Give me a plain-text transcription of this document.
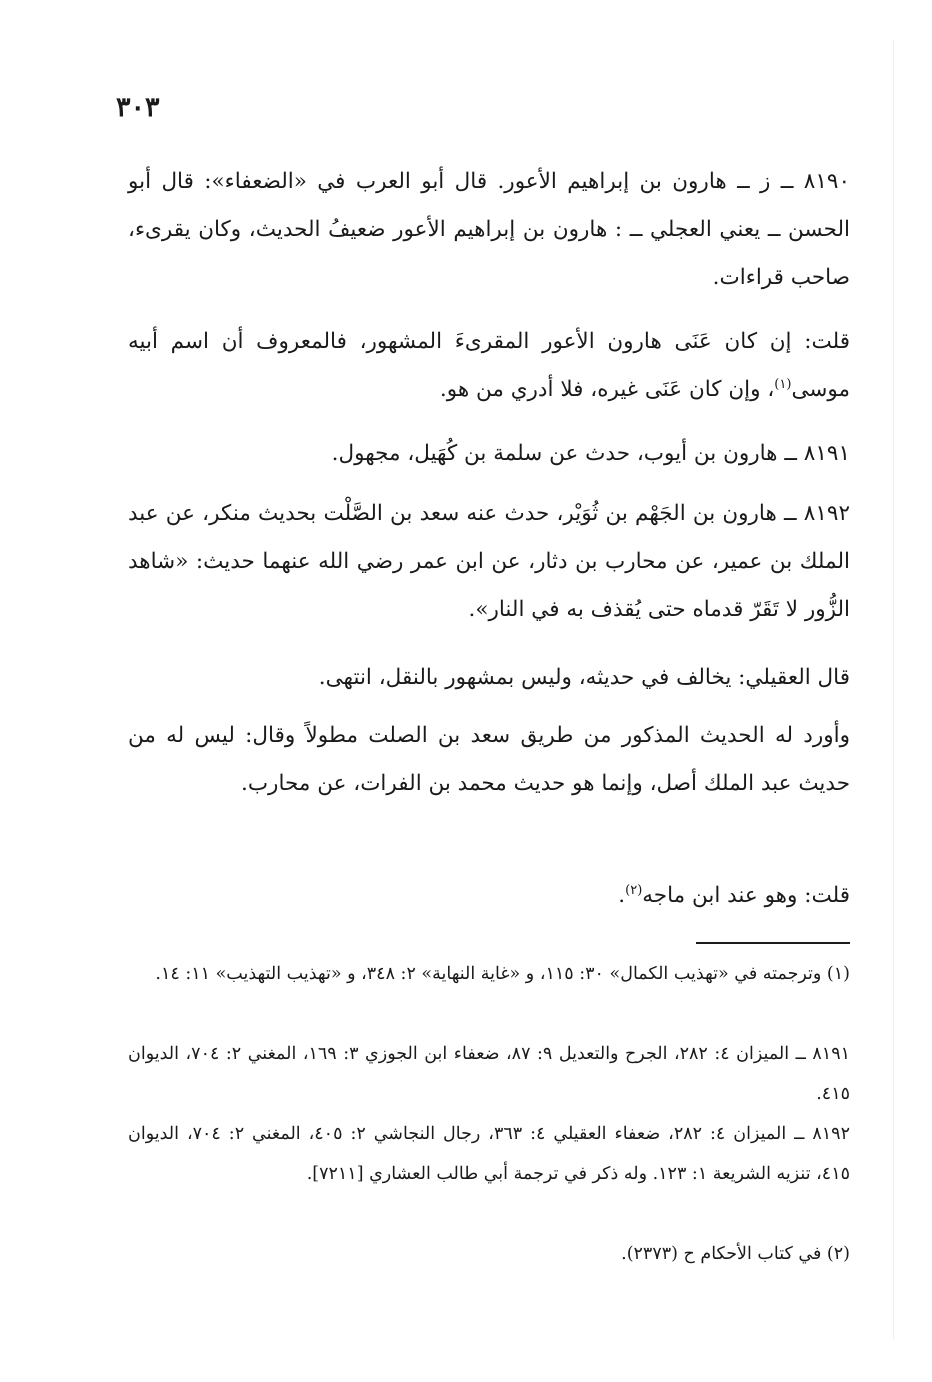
٣٠٣

٨١٩٠ ــ ز ــ هارون بن إبراهيم الأعور. قال أبو العرب في «الضعفاء»: قال أبو الحسن ــ يعني العجلي ــ : هارون بن إبراهيم الأعور ضعيفُ الحديث، وكان يقرىء، صاحب قراءات.

قلت: إن كان عَنَى هارون الأعور المقرىءَ المشهور، فالمعروف أن اسم أبيه موسى$^{(١)}$، وإن كان عَنَى غيره، فلا أدري من هو.

٨١٩١ ــ هارون بن أيوب، حدث عن سلمة بن كُهَيل، مجهول.

٨١٩٢ ــ هارون بن الجَهْم بن ثُوَيْر، حدث عنه سعد بن الصَّلْت بحديث منكر، عن عبد الملك بن عمير، عن محارب بن دثار، عن ابن عمر رضي الله عنهما حديث: «شاهد الزُّور لا تَقَرّ قدماه حتى يُقذف به في النار».

قال العقيلي: يخالف في حديثه، وليس بمشهور بالنقل، انتهى.

وأورد له الحديث المذكور من طريق سعد بن الصلت مطولاً وقال: ليس له من حديث عبد الملك أصل، وإنما هو حديث محمد بن الفرات، عن محارب.

قلت: وهو عند ابن ماجه$^{(٢)}$.

(١) وترجمته في «تهذيب الكمال» ٣٠: ١١٥، و «غاية النهاية» ٢: ٣٤٨، و «تهذيب التهذيب» ١١: ١٤.

٨١٩١ ــ الميزان ٤: ٢٨٢، الجرح والتعديل ٩: ٨٧، ضعفاء ابن الجوزي ٣: ١٦٩، المغني ٢: ٧٠٤، الديوان ٤١٥.

٨١٩٢ ــ الميزان ٤: ٢٨٢، ضعفاء العقيلي ٤: ٣٦٣، رجال النجاشي ٢: ٤٠٥، المغني ٢: ٧٠٤، الديوان ٤١٥، تنزيه الشريعة ١: ١٢٣. وله ذكر في ترجمة أبي طالب العشاري [٧٢١١].

(٢) في كتاب الأحكام ح (٢٣٧٣).
